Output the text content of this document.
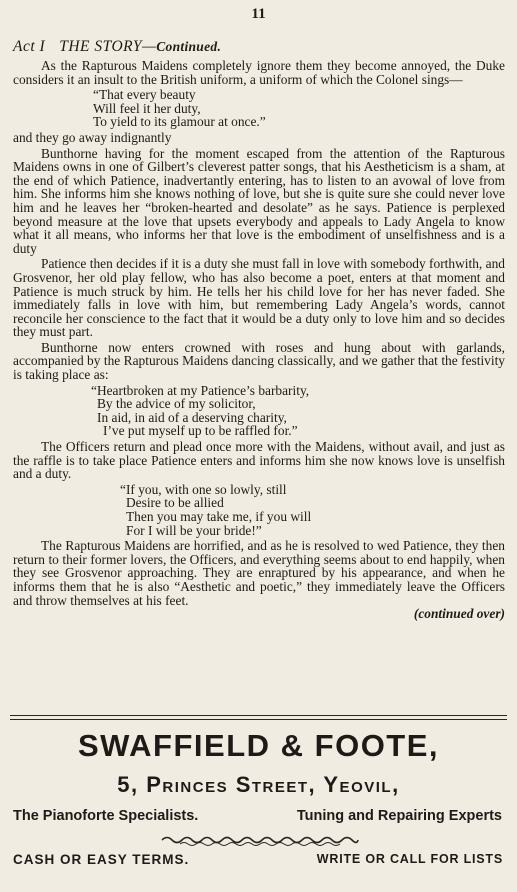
11
Act I THE STORY—Continued.

As the Rapturous Maidens completely ignore them they become annoyed, the Duke considers it an insult to the British uniform, a uniform of which the Colonel sings—

“That every beauty
Will feel it her duty,
To yield to its glamour at once.”

and they go away indignantly

Bunthorne having for the moment escaped from the attention of the Rapturous Maidens owns in one of Gilbert’s cleverest patter songs, that his Aestheticism is a sham, at the end of which Patience, inadvertantly entering, has to listen to an avowal of love from him. She informs him she knows nothing of love, but she is quite sure she could never love him and he leaves her “broken-hearted and desolate” as he says. Patience is perplexed beyond measure at the love that upsets everybody and appeals to Lady Angela to know what it all means, who informs her that love is the embodiment of unselfishness and is a duty

Patience then decides if it is a duty she must fall in love with somebody forthwith, and Grosvenor, her old play fellow, who has also become a poet, enters at that moment and Patience is much struck by him. He tells her his child love for her has never faded. She immediately falls in love with him, but remembering Lady Angela’s words, cannot reconcile her conscience to the fact that it would be a duty only to love him and so decides they must part.

Bunthorne now enters crowned with roses and hung about with garlands, accompanied by the Rapturous Maidens dancing classically, and we gather that the festivity is taking place as:

“Heartbroken at my Patience’s barbarity,
By the advice of my solicitor,
In aid, in aid of a deserving charity,
I’ve put myself up to be raffled for.”

The Officers return and plead once more with the Maidens, without avail, and just as the raffle is to take place Patience enters and informs him she now knows love is unselfish and a duty.

“If you, with one so lowly, still
Desire to be allied
Then you may take me, if you will
For I will be your bride!”

The Rapturous Maidens are horrified, and as he is resolved to wed Patience, they then return to their former lovers, the Officers, and everything seems about to end happily, when they see Grosvenor approaching. They are enraptured by his appearance, and when he informs them that he is also “Aesthetic and poetic,” they immediately leave the Officers and throw themselves at his feet.

(continued over)
SWAFFIELD & FOOTE,
5, Princes Street, Yeovil,
The Pianoforte Specialists.	Tuning and Repairing Experts
CASH OR EASY TERMS.	WRITE OR CALL FOR LISTS
